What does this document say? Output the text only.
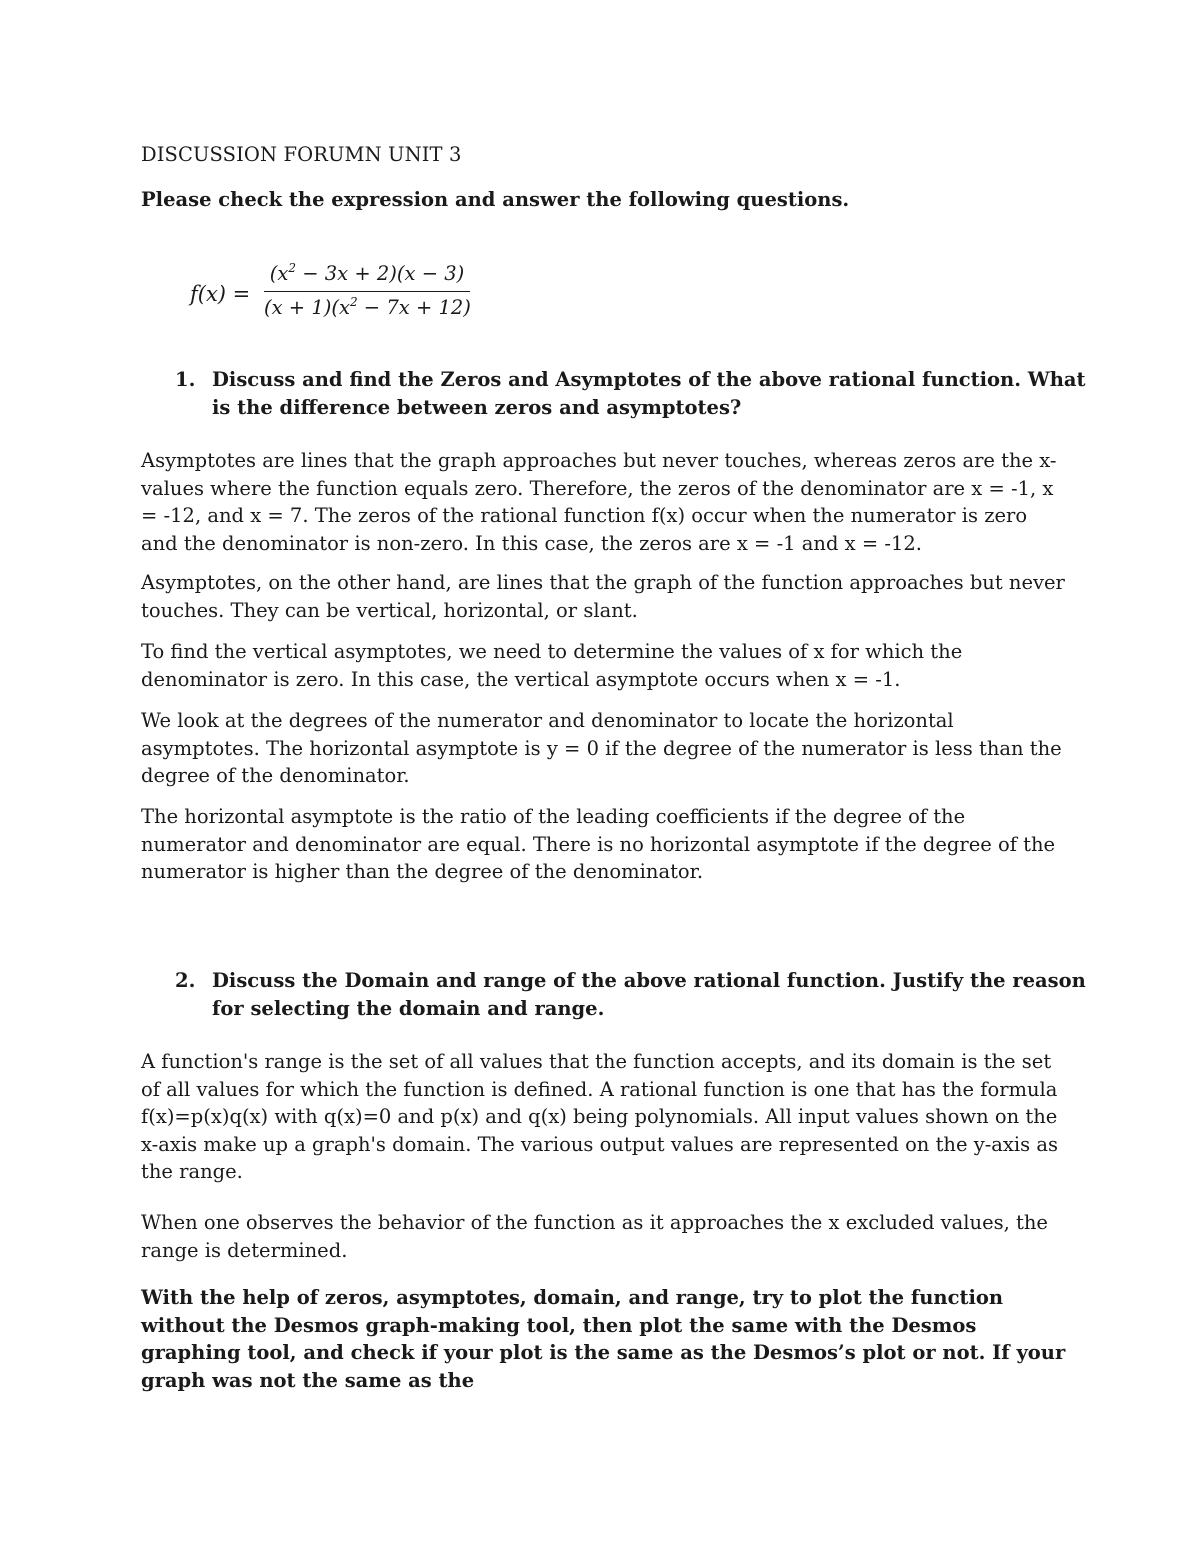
DISCUSSION FORUMN UNIT 3
Please check the expression and answer the following questions.
f(x) =
$(x^2 - 3x + 2)(x - 3)$
$(x + 1)(x^2 - 7x + 12)$
1. Discuss and find the Zeros and Asymptotes of the above rational function. What is the difference between zeros and asymptotes?
Asymptotes are lines that the graph approaches but never touches, whereas zeros are the x-values where the function equals zero. Therefore, the zeros of the denominator are x = -1, x = -12, and x = 7. The zeros of the rational function f(x) occur when the numerator is zero and the denominator is non-zero. In this case, the zeros are x = -1 and x = -12.
Asymptotes, on the other hand, are lines that the graph of the function approaches but never touches. They can be vertical, horizontal, or slant.
To find the vertical asymptotes, we need to determine the values of x for which the denominator is zero. In this case, the vertical asymptote occurs when x = -1.
We look at the degrees of the numerator and denominator to locate the horizontal asymptotes. The horizontal asymptote is y = 0 if the degree of the numerator is less than the degree of the denominator.
The horizontal asymptote is the ratio of the leading coefficients if the degree of the numerator and denominator are equal. There is no horizontal asymptote if the degree of the numerator is higher than the degree of the denominator.
2. Discuss the Domain and range of the above rational function. Justify the reason for selecting the domain and range.
A function's range is the set of all values that the function accepts, and its domain is the set of all values for which the function is defined. A rational function is one that has the formula f(x)=p(x)q(x) with q(x)=0 and p(x) and q(x) being polynomials. All input values shown on the x-axis make up a graph's domain. The various output values are represented on the y-axis as the range.
When one observes the behavior of the function as it approaches the x excluded values, the range is determined.
With the help of zeros, asymptotes, domain, and range, try to plot the function without the Desmos graph-making tool, then plot the same with the Desmos graphing tool, and check if your plot is the same as the Desmos’s plot or not. If your graph was not the same as the
